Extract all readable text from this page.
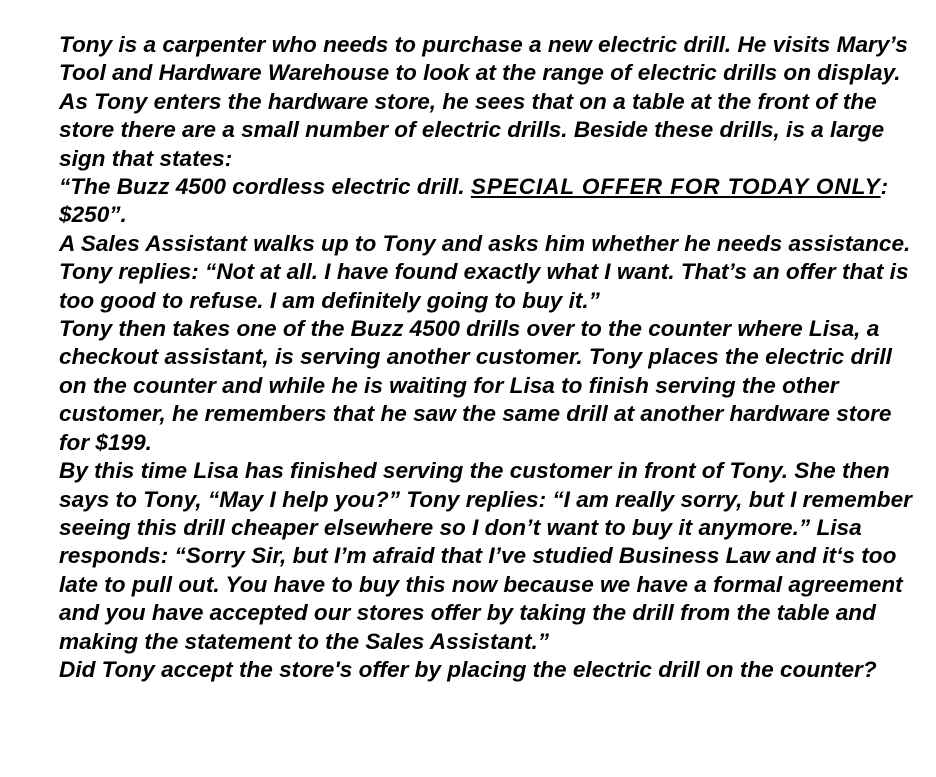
Tony is a carpenter who needs to purchase a new electric drill. He visits Mary’s Tool and Hardware Warehouse to look at the range of electric drills on display.

As Tony enters the hardware store, he sees that on a table at the front of the store there are a small number of electric drills. Beside these drills, is a large sign that states:

“The Buzz 4500 cordless electric drill. SPECIAL OFFER FOR TODAY ONLY: $250”.

A Sales Assistant walks up to Tony and asks him whether he needs assistance. Tony replies: “Not at all. I have found exactly what I want. That’s an offer that is too good to refuse. I am definitely going to buy it.”

Tony then takes one of the Buzz 4500 drills over to the counter where Lisa, a checkout assistant, is serving another customer. Tony places the electric drill on the counter and while he is waiting for Lisa to finish serving the other customer, he remembers that he saw the same drill at another hardware store for $199.

By this time Lisa has finished serving the customer in front of Tony. She then says to Tony, “May I help you?” Tony replies: “I am really sorry, but I remember seeing this drill cheaper elsewhere so I don’t want to buy it anymore.” Lisa responds: “Sorry Sir, but I’m afraid that I’ve studied Business Law and it‘s too late to pull out. You have to buy this now because we have a formal agreement and you have accepted our stores offer by taking the drill from the table and making the statement to the Sales Assistant.”

Did Tony accept the store's offer by placing the electric drill on the counter?
